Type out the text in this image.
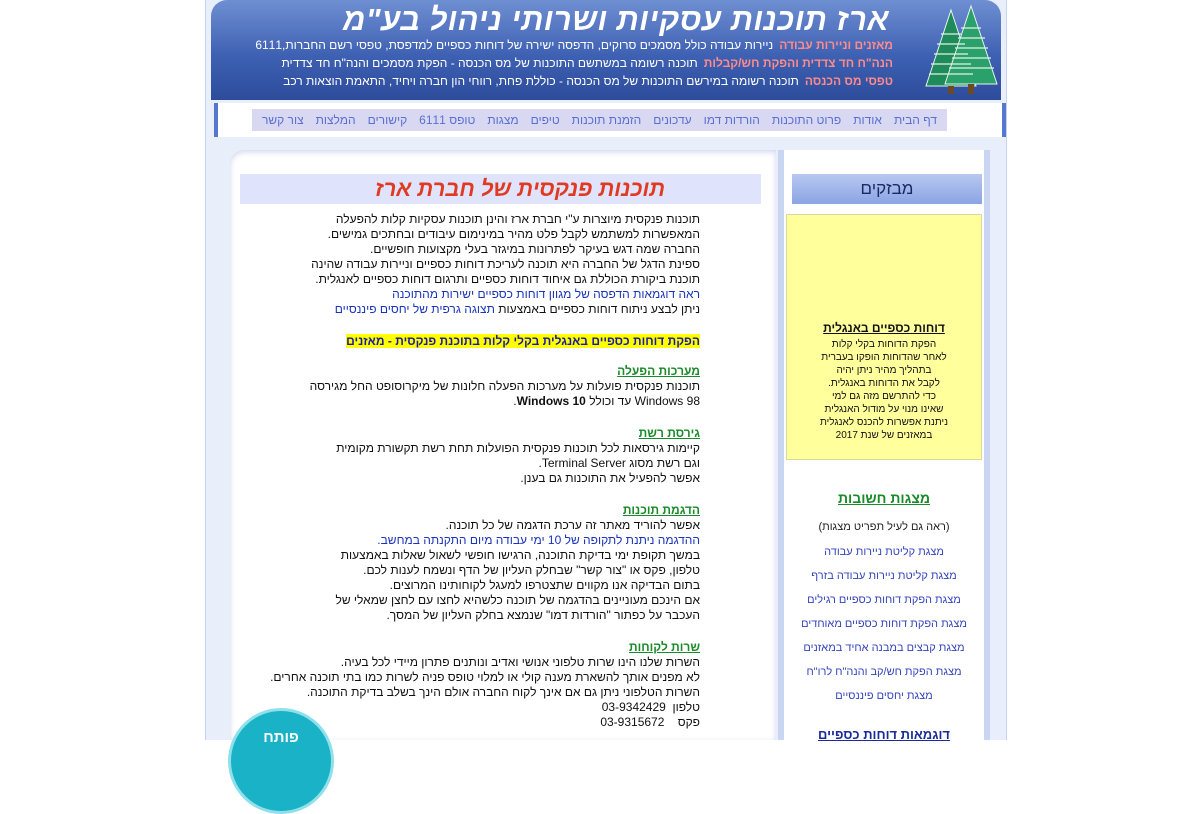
ארז תוכנות עסקיות ושרותי ניהול בע"מ
מאזנים וניירות עבודהניירות עבודה כולל מסמכים סרוקים, הדפסה ישירה של דוחות כספיים למדפסת, טפסי רשם החברות,6111
הנה"ח חד צדדית והפקת חש/קבלותתוכנה רשומה במשתשם התוכנות של מס הכנסה - הפקת מסמכים והנה"ח חד צדדית
טפסי מס הכנסהתוכנה רשומה במירשם התוכנות של מס הכנסה - כוללת פחת, רווחי הון חברה ויחיד, התאמת הוצאות רכב
דף הבית
אודות
פרוט התוכנות
הורדות דמו
עדכונים
הזמנת תוכנות
טיפים
מצגות
טופס 6111
קישורים
המלצות
צור קשר
תוכנות פנקסית של חברת ארז

תוכנות פנקסית מיוצרות ע"י חברת ארז והינן תוכנות עסקיות קלות להפעלה

המאפשרות למשתמש לקבל פלט מהיר במינימום עיבודים ובחתכים גמישים.

החברה שמה דגש בעיקר לפתרונות במיגזר בעלי מקצועות חופשיים.

ספינת הדגל של החברה היא תוכנה לעריכת דוחות כספיים וניירות עבודה שהינה

תוכנת ביקורת הכוללת גם איחוד דוחות כספיים ותרגום דוחות כספיים לאנגלית.

ראה דוגמאות הדפסה של מגוון דוחות כספיים ישירות מהתוכנה

ניתן לבצע ניתוח דוחות כספיים באמצעות תצוגה גרפית של יחסים פיננסיים

הפקת דוחות כספיים באנגלית בקלי קלות בתוכנת פנקסית - מאזנים

מערכות הפעלה

תוכנות פנקסית פועלות על מערכות הפעלה חלונות של מיקרוסופט החל מגירסה

Windows 98 עד וכולל Windows 10.

גירסת רשת

קיימות גירסאות לכל תוכנות פנקסית הפועלות תחת רשת תקשורת מקומית

וגם רשת מסוג Terminal Server.

אפשר להפעיל את התוכנות גם בענן.

הדגמת תוכנות

אפשר להוריד מאתר זה ערכת הדגמה של כל תוכנה.

ההדגמה ניתנת לתקופה של 10 ימי עבודה מיום התקנתה במחשב.

במשך תקופת ימי בדיקת התוכנה, הרגישו חופשי לשאול שאלות באמצעות

טלפון, פקס או "צור קשר" שבחלק העליון של הדף ונשמח לענות לכם.

בתום הבדיקה אנו מקווים שתצטרפו למעגל לקוחותינו המרוצים.

אם הינכם מעוניינים בהדגמה של תוכנה כלשהיא לחצו עם לחצן שמאלי של

העכבר על כפתור "הורדות דמו" שנמצא בחלק העליון של המסך.

שרות לקוחות

השרות שלנו הינו שרות טלפוני אנושי ואדיב ונותנים פתרון מיידי לכל בעיה.

לא מפנים אותך להשארת מענה קולי או למלוי טופס פניה לשרות כמו בתי תוכנה אחרים.

השרות הטלפוני ניתן גם אם אינך לקוח החברה אולם הינך בשלב בדיקת התוכנה.

טלפון  03-9342429

פקס    03-9315672

פותח
מבזקים
דוחות כספיים באנגלית
הפקת הדוחות בקלי קלות
לאחר שהדוחות הופקו בעברית
בתהליך מהיר ניתן יהיה
לקבל את הדוחות באנגלית.
כדי להתרשם מזה גם למי
שאינו מנוי על מודול האנגלית
ניתנת אפשרות להכנס לאנגלית
במאזנים של שנת 2017
מצגות חשובות
(ראה גם לעיל תפריט מצגות)
מצגת קליטת ניירות עבודה
מצגת קליטת ניירות עבודה בזרף
מצגת הפקת דוחות כספיים רגילים
מצגת הפקת דוחות כספיים מאוחדים
מצגת קבצים במבנה אחיד במאזנים
מצגת הפקת חש/קב והנה"ח לרו"ח
מצגת יחסים פיננסיים
דוגמאות דוחות כספיים
